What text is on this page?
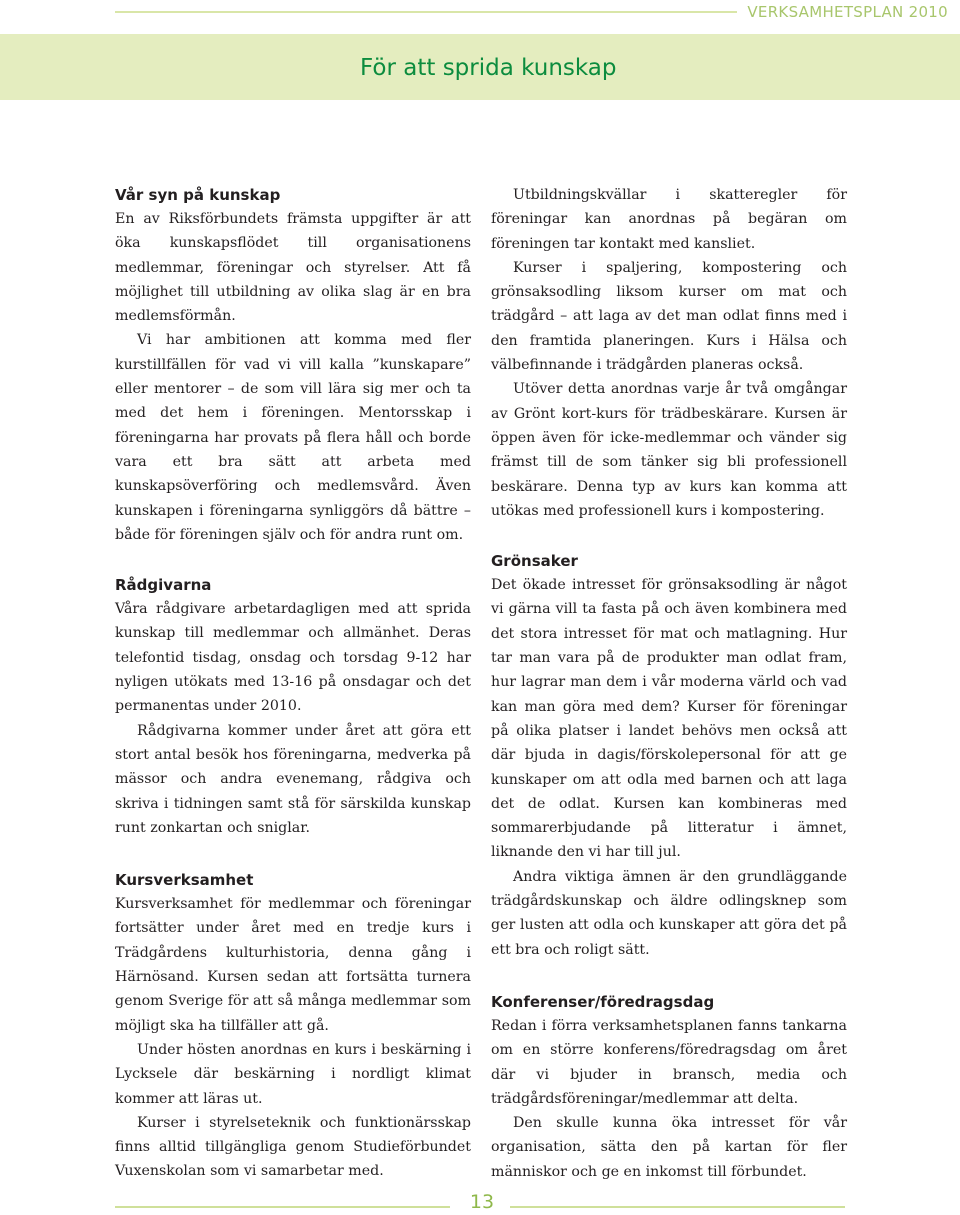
VERKSAMHETSPLAN 2010
För att sprida kunskap
Vår syn på kunskap

En av Riksförbundets främsta uppgifter är att öka kunskapsflödet till organisationens medlemmar, föreningar och styrelser. Att få möjlighet till utbildning av olika slag är en bra medlemsförmån.

Vi har ambitionen att komma med fler kurstillfällen för vad vi vill kalla ”kunskapare” eller mentorer – de som vill lära sig mer och ta med det hem i föreningen. Mentorsskap i föreningarna har provats på flera håll och borde vara ett bra sätt att arbeta med kunskapsöverföring och medlemsvård. Även kunskapen i föreningarna synliggörs då bättre – både för föreningen själv och för andra runt om.

Rådgivarna

Våra rådgivare arbetardagligen med att sprida kunskap till medlemmar och allmänhet. Deras telefontid tisdag, onsdag och torsdag 9-12 har nyligen utökats med 13-16 på onsdagar och det permanentas under 2010.

Rådgivarna kommer under året att göra ett stort antal besök hos föreningarna, medverka på mässor och andra evenemang, rådgiva och skriva i tidningen samt stå för särskilda kunskap runt zonkartan och sniglar.

Kursverksamhet

Kursverksamhet för medlemmar och föreningar fortsätter under året med en tredje kurs i Trädgårdens kulturhistoria, denna gång i Härnösand. Kursen sedan att fortsätta turnera genom Sverige för att så många medlemmar som möjligt ska ha tillfäller att gå.

Under hösten anordnas en kurs i beskärning i Lycksele där beskärning i nordligt klimat kommer att läras ut.

Kurser i styrelseteknik och funktionärsskap finns alltid tillgängliga genom Studieförbundet Vuxenskolan som vi samarbetar med.

Utbildningskvällar i skatteregler för föreningar kan anordnas på begäran om föreningen tar kontakt med kansliet.

Kurser i spaljering, kompostering och grönsaksodling liksom kurser om mat och trädgård – att laga av det man odlat finns med i den framtida planeringen. Kurs i Hälsa och välbefinnande i trädgården planeras också.

Utöver detta anordnas varje år två omgångar av Grönt kort-kurs för trädbeskärare. Kursen är öppen även för icke-medlemmar och vänder sig främst till de som tänker sig bli professionell beskärare. Denna typ av kurs kan komma att utökas med professionell kurs i kompostering.

Grönsaker

Det ökade intresset för grönsaksodling är något vi gärna vill ta fasta på och även kombinera med det stora intresset för mat och matlagning. Hur tar man vara på de produkter man odlat fram, hur lagrar man dem i vår moderna värld och vad kan man göra med dem? Kurser för föreningar på olika platser i landet behövs men också att där bjuda in dagis/förskolepersonal för att ge kunskaper om att odla med barnen och att laga det de odlat. Kursen kan kombineras med sommarerbjudande på litteratur i ämnet, liknande den vi har till jul.

Andra viktiga ämnen är den grundläggande trädgårdskunskap och äldre odlingsknep som ger lusten att odla och kunskaper att göra det på ett bra och roligt sätt.

Konferenser/föredragsdag

Redan i förra verksamhetsplanen fanns tankarna om en större konferens/föredragsdag om året där vi bjuder in bransch, media och trädgårdsföreningar/medlemmar att delta.

Den skulle kunna öka intresset för vår organisation, sätta den på kartan för fler människor och ge en inkomst till förbundet.

13
